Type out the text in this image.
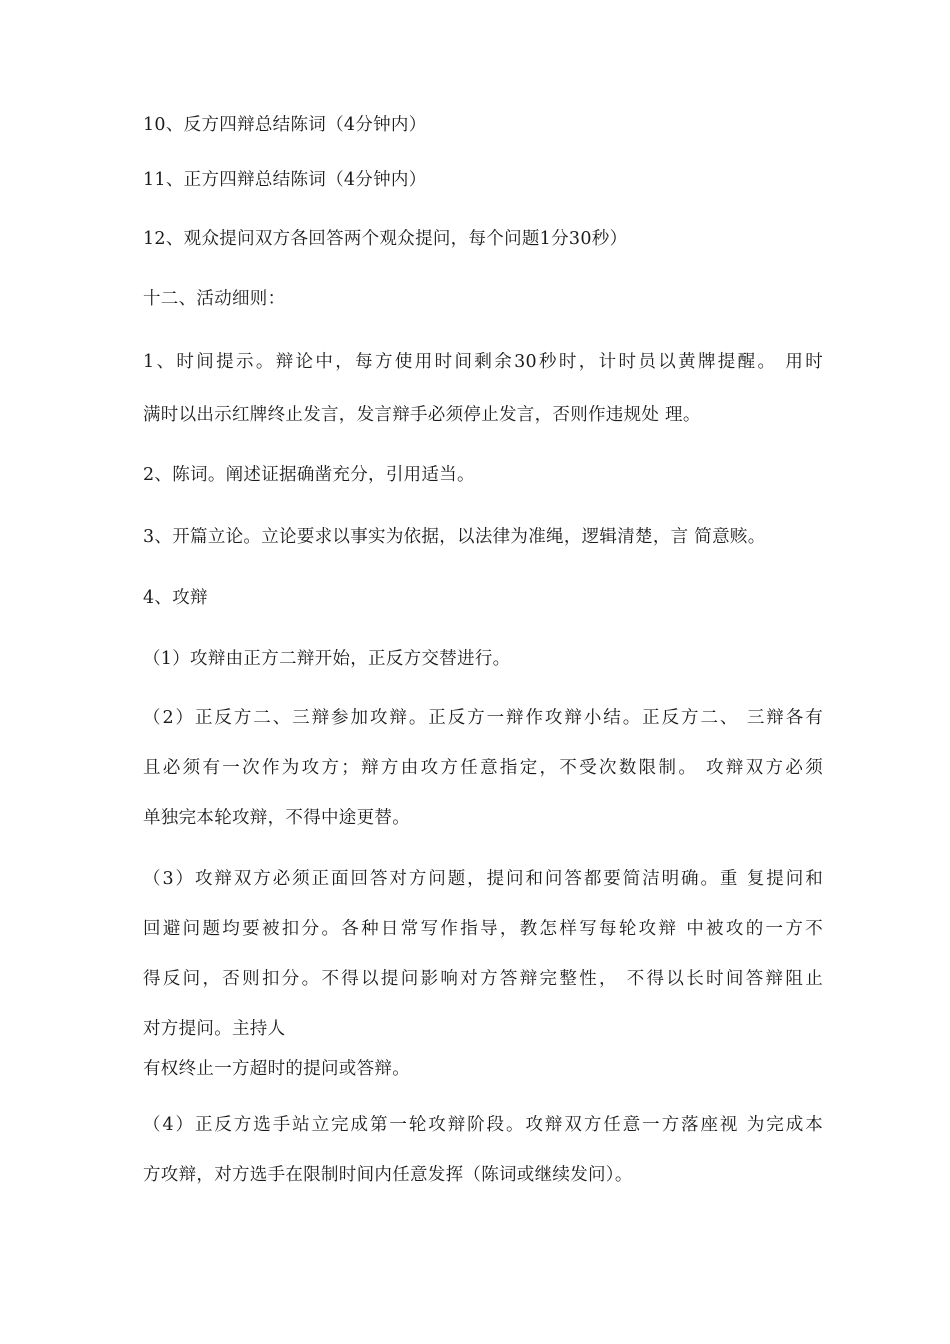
10、反方四辩总结陈词（4分钟内）
11、正方四辩总结陈词（4分钟内）
12、观众提问双方各回答两个观众提问，每个问题1分30秒）
十二、活动细则：
1、时间提示。辩论中，每方使用时间剩余30秒时，计时员以黄牌提醒。 用时
满时以出示红牌终止发言，发言辩手必须停止发言，否则作违规处 理。
2、陈词。阐述证据确凿充分，引用适当。
3、开篇立论。立论要求以事实为依据，以法律为准绳，逻辑清楚，言 简意赅。
4、攻辩
（1）攻辩由正方二辩开始，正反方交替进行。
（2）正反方二、三辩参加攻辩。正反方一辩作攻辩小结。正反方二、 三辩各有
且必须有一次作为攻方；辩方由攻方任意指定，不受次数限制。 攻辩双方必须
单独完本轮攻辩，不得中途更替。
（3）攻辩双方必须正面回答对方问题，提问和问答都要简洁明确。重 复提问和
回避问题均要被扣分。各种日常写作指导，教怎样写每轮攻辩 中被攻的一方不
得反问，否则扣分。不得以提问影响对方答辩完整性， 不得以长时间答辩阻止
对方提问。主持人
有权终止一方超时的提问或答辩。
（4）正反方选手站立完成第一轮攻辩阶段。攻辩双方任意一方落座视 为完成本
方攻辩，对方选手在限制时间内任意发挥（陈词或继续发问）。
